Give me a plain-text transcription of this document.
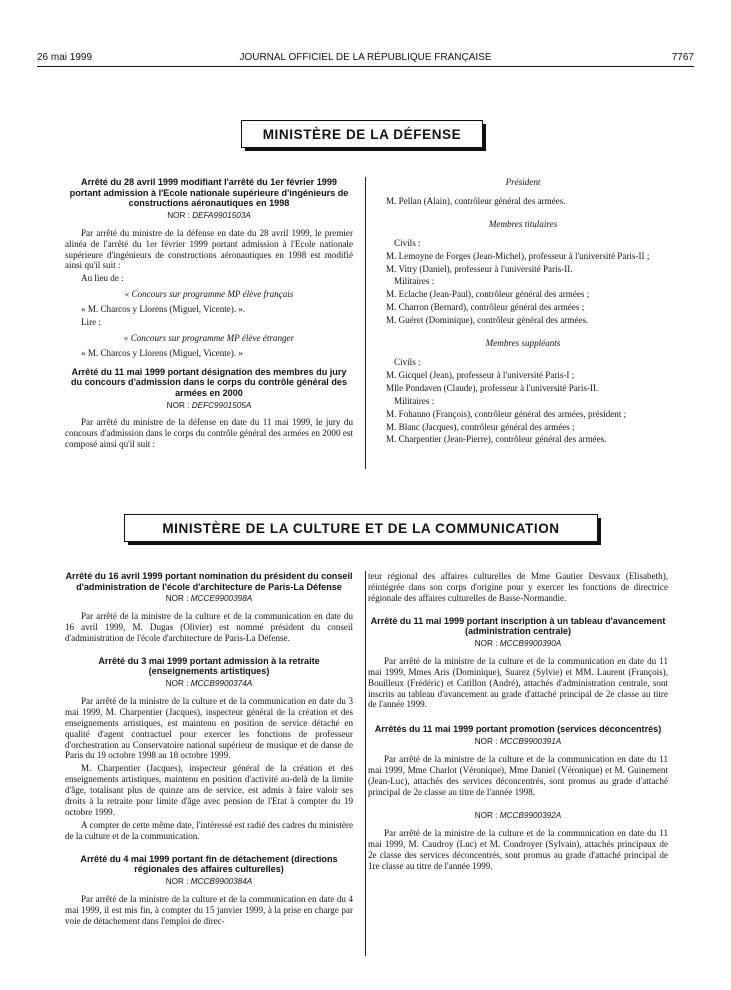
26 mai 1999	JOURNAL OFFICIEL DE LA RÉPUBLIQUE FRANÇAISE	7767
MINISTÈRE DE LA DÉFENSE

Arrêté du 28 avril 1999 modifiant l'arrêté du 1er février 1999 portant admission à l'Ecole nationale supérieure d'ingénieurs de constructions aéronautiques en 1998

NOR : DEFA9901503A

Par arrêté du ministre de la défense en date du 28 avril 1999, le premier alinéa de l'arrêté du 1er février 1999 portant admission à l'Ecole nationale supérieure d'ingénieurs de constructions aéronautiques en 1998 est modifié ainsi qu'il suit :

Au lieu de :

« Concours sur programme MP élève français

« M. Charcos y Llorens (Miguel, Vicente). ».

Lire :

« Concours sur programme MP élève étranger

« M. Charcos y Llorens (Miguel, Vicente). »

Arrêté du 11 mai 1999 portant désignation des membres du jury du concours d'admission dans le corps du contrôle général des armées en 2000

NOR : DEFC9901505A

Par arrêté du ministre de la défense en date du 11 mai 1999, le jury du concours d'admission dans le corps du contrôle général des armées en 2000 est composé ainsi qu'il suit :

Président

M. Pellan (Alain), contrôleur général des armées.

Membres titulaires

Civils :

M. Lemoyne de Forges (Jean-Michel), professeur à l'université Paris-II ;

M. Vitry (Daniel), professeur à l'université Paris-II.

Militaires :

M. Eclache (Jean-Paul), contrôleur général des armées ;

M. Charron (Bernard), contrôleur général des armées ;

M. Guéret (Dominique), contrôleur général des armées.

Membres suppléants

Civils :

M. Gicquel (Jean), professeur à l'université Paris-I ;

Mlle Pondaven (Claude), professeur à l'université Paris-II.

Militaires :

M. Fohanno (François), contrôleur général des armées, président ;

M. Blanc (Jacques), contrôleur général des armées ;

M. Charpentier (Jean-Pierre), contrôleur général des armées.

MINISTÈRE DE LA CULTURE ET DE LA COMMUNICATION

Arrêté du 16 avril 1999 portant nomination du président du conseil d'administration de l'école d'architecture de Paris-La Défense

NOR : MCCE9900398A

Par arrêté de la ministre de la culture et de la communication en date du 16 avril 1999, M. Dugas (Olivier) est nommé président du conseil d'administration de l'école d'architecture de Paris-La Défense.

Arrêté du 3 mai 1999 portant admission à la retraite (enseignements artistiques)

NOR : MCCB9900374A

Par arrêté de la ministre de la culture et de la communication en date du 3 mai 1999, M. Charpentier (Jacques), inspecteur général de la création et des enseignements artistiques, est maintenu en position de service détaché en qualité d'agent contractuel pour exercer les fonctions de professeur d'orchestration au Conservatoire national supérieur de musique et de danse de Paris du 19 octobre 1998 au 18 octobre 1999.

M. Charpentier (Jacques), inspecteur général de la création et des enseignements artistiques, maintenu en position d'activité au-delà de la limite d'âge, totalisant plus de quinze ans de service, est admis à faire valoir ses droits à la retraite pour limite d'âge avec pension de l'Etat à compter du 19 octobre 1999.

A compter de cette même date, l'intéressé est radié des cadres du ministère de la culture et de la communication.

Arrêté du 4 mai 1999 portant fin de détachement (directions régionales des affaires culturelles)

NOR : MCCB9900384A

Par arrêté de la ministre de la culture et de la communication en date du 4 mai 1999, il est mis fin, à compter du 15 janvier 1999, à la prise en charge par voie de détachement dans l'emploi de direc-

teur régional des affaires culturelles de Mme Gautier Desvaux (Elisabeth), réintégrée dans son corps d'origine pour y exercer les fonctions de directrice régionale des affaires culturelles de Basse-Normandie.

Arrêté du 11 mai 1999 portant inscription à un tableau d'avancement (administration centrale)

NOR : MCCB9900390A

Par arrêté de la ministre de la culture et de la communication en date du 11 mai 1999, Mmes Aris (Dominique), Suarez (Sylvie) et MM. Laurent (François), Bouilleux (Frédéric) et Catillon (André), attachés d'administration centrale, sont inscrits au tableau d'avancement au grade d'attaché principal de 2e classe au titre de l'année 1999.

Arrêtés du 11 mai 1999 portant promotion (services déconcentrés)

NOR : MCCB9900391A

Par arrêté de la ministre de la culture et de la communication en date du 11 mai 1999, Mme Charlot (Véronique), Mme Daniel (Véronique) et M. Guinement (Jean-Luc), attachés des services déconcentrés, sont promus au grade d'attaché principal de 2e classe au titre de l'année 1998.

NOR : MCCB9900392A

Par arrêté de la ministre de la culture et de la communication en date du 11 mai 1999, M. Caudroy (Luc) et M. Condroyer (Sylvain), attachés principaux de 2e classe des services déconcentrés, sont promus au grade d'attaché principal de 1re classe au titre de l'année 1999.
